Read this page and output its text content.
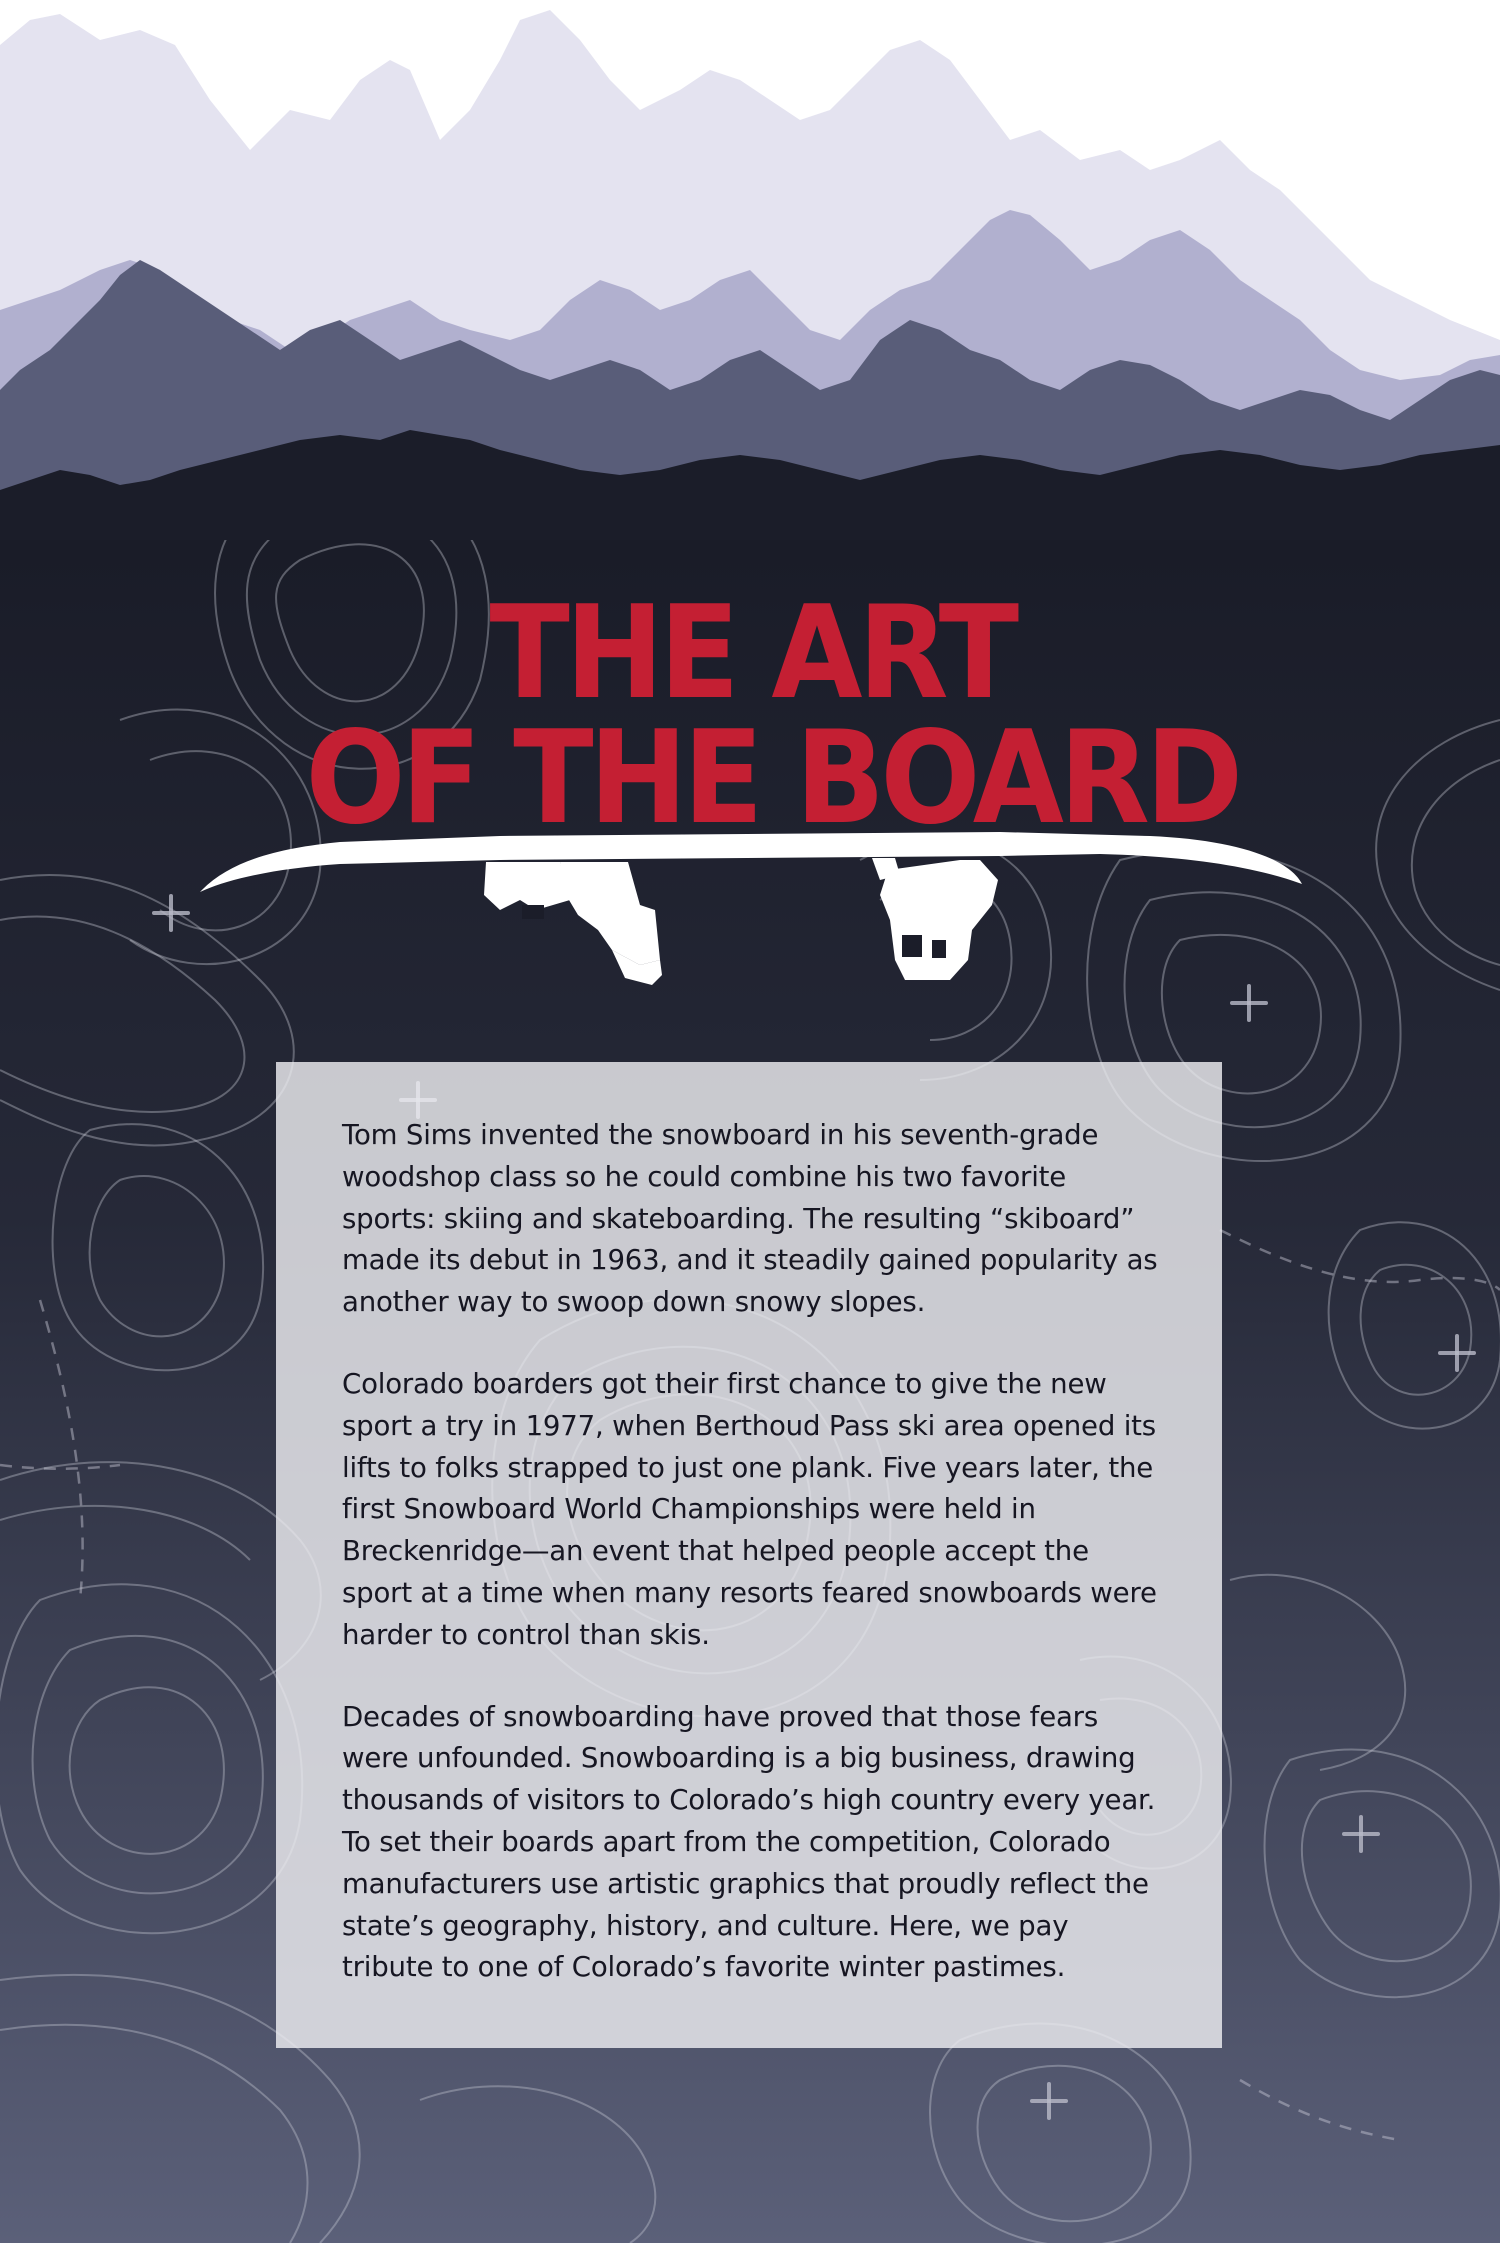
THE ART
OF THE BOARD

Tom Sims invented the snowboard in his seventh-grade woodshop class so he could combine his two favorite sports: skiing and skateboarding. The resulting “skiboard” made its debut in 1963, and it steadily gained popularity as another way to swoop down snowy slopes.

Colorado boarders got their first chance to give the new sport a try in 1977, when Berthoud Pass ski area opened its lifts to folks strapped to just one plank. Five years later, the first Snowboard World Championships were held in Breckenridge—an event that helped people accept the sport at a time when many resorts feared snowboards were harder to control than skis.

Decades of snowboarding have proved that those fears were unfounded. Snowboarding is a big business, drawing thousands of visitors to Colorado’s high country every year. To set their boards apart from the competition, Colorado manufacturers use artistic graphics that proudly reflect the state’s geography, history, and culture. Here, we pay tribute to one of Colorado’s favorite winter pastimes.
